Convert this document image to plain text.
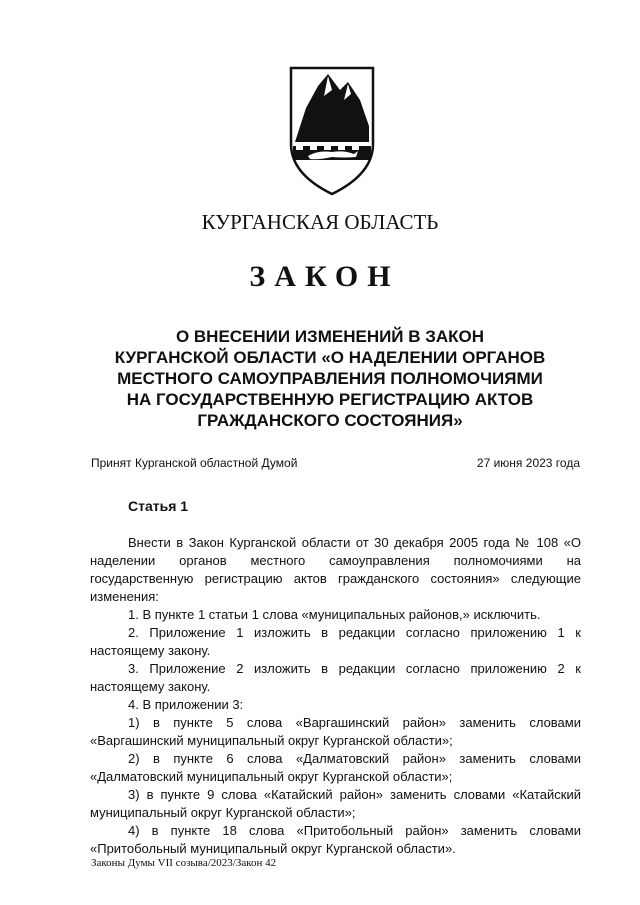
КУРГАНСКАЯ ОБЛАСТЬ
ЗАКОН
О ВНЕСЕНИИ ИЗМЕНЕНИЙ В ЗАКОН
КУРГАНСКОЙ ОБЛАСТИ «О НАДЕЛЕНИИ ОРГАНОВ
МЕСТНОГО САМОУПРАВЛЕНИЯ ПОЛНОМОЧИЯМИ
НА ГОСУДАРСТВЕННУЮ РЕГИСТРАЦИЮ АКТОВ
ГРАЖДАНСКОГО СОСТОЯНИЯ»
Принят Курганской областной Думой	27 июня 2023 года
Статья 1

Внести в Закон Курганской области от 30 декабря 2005 года № 108 «О наделении органов местного самоуправления полномочиями на государственную регистрацию актов гражданского состояния» следующие изменения:

1. В пункте 1 статьи 1 слова «муниципальных районов,» исключить.

2. Приложение 1 изложить в редакции согласно приложению 1 к настоящему закону.

3. Приложение 2 изложить в редакции согласно приложению 2 к настоящему закону.

4. В приложении 3:

1) в пункте 5 слова «Варгашинский район» заменить словами «Варгашинский муниципальный округ Курганской области»;

2) в пункте 6 слова «Далматовский район» заменить словами «Далматовский муниципальный округ Курганской области»;

3) в пункте 9 слова «Катайский район» заменить словами «Катайский муниципальный округ Курганской области»;

4) в пункте 18 слова «Притобольный район» заменить словами «Притобольный муниципальный округ Курганской области».

Законы Думы VII созыва/2023/Закон 42
